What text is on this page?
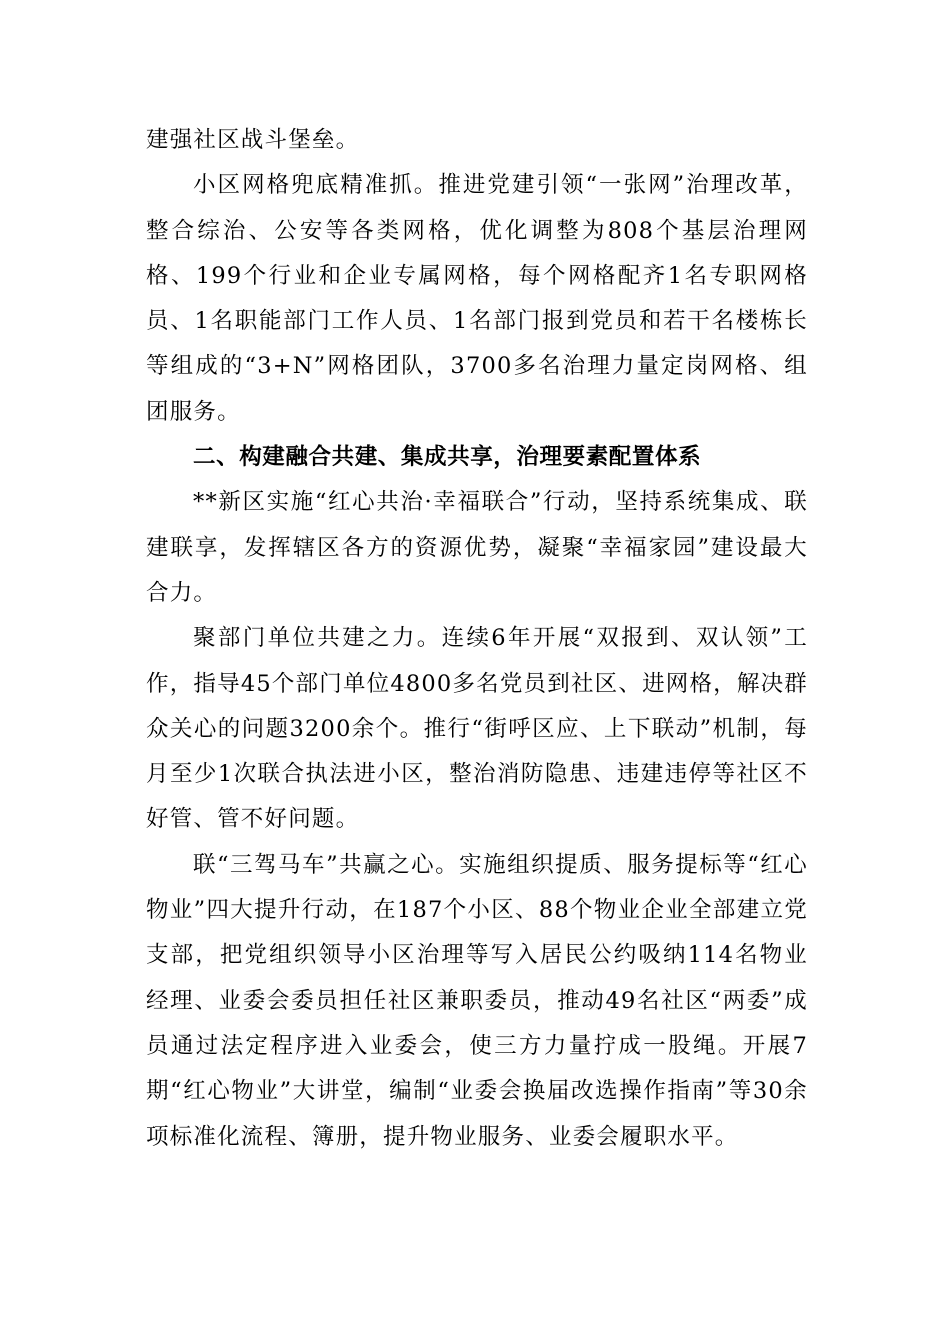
建强社区战斗堡垒。

小区网格兜底精准抓。推进党建引领“一张网”治理改革，整合综治、公安等各类网格，优化调整为808个基层治理网格、199个行业和企业专属网格，每个网格配齐1名专职网格员、1名职能部门工作人员、1名部门报到党员和若干名楼栋长等组成的“3+N”网格团队，3700多名治理力量定岗网格、组团服务。

二、构建融合共建、集成共享，治理要素配置体系

**新区实施“红心共治·幸福联合”行动，坚持系统集成、联建联享，发挥辖区各方的资源优势，凝聚“幸福家园”建设最大合力。

聚部门单位共建之力。连续6年开展“双报到、双认领”工作，指导45个部门单位4800多名党员到社区、进网格，解决群众关心的问题3200余个。推行“街呼区应、上下联动”机制，每月至少1次联合执法进小区，整治消防隐患、违建违停等社区不好管、管不好问题。

联“三驾马车”共赢之心。实施组织提质、服务提标等“红心物业”四大提升行动，在187个小区、88个物业企业全部建立党支部，把党组织领导小区治理等写入居民公约吸纳114名物业经理、业委会委员担任社区兼职委员，推动49名社区“两委”成员通过法定程序进入业委会，使三方力量拧成一股绳。开展7期“红心物业”大讲堂，编制“业委会换届改选操作指南”等30余项标准化流程、簿册，提升物业服务、业委会履职水平。
